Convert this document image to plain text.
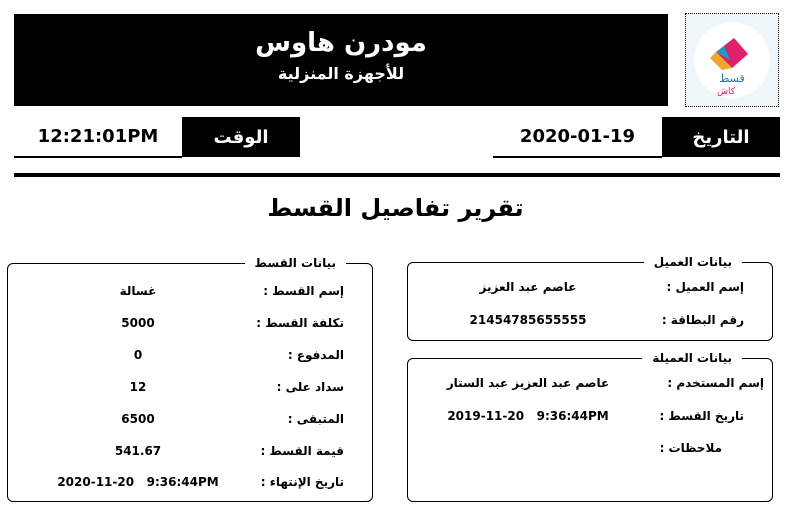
مودرن هاوس
للأجهزة المنزلية	قسط
كاش
12:21:01PM	الوقت	2020-01-19	التاريخ
تقرير تفاصيل القسط
بيانات القسط
إسم القسط :
غسالة
تكلفة القسط :
5000
المدفوع :
0
سداد على :
12
المتبقى :
6500
قيمة القسط :
541.67
تاريخ الإنتهاء :
2020-11-20   9:36:44PM
بيانات العميل
إسم العميل :
عاصم عبد العزيز
رقم البطاقة :
21454785655555
بيانات العميلة
إسم المستخدم :
عاصم عبد العزيز عبد الستار
تاريخ القسط :
2019-11-20   9:36:44PM
ملاحظات :
